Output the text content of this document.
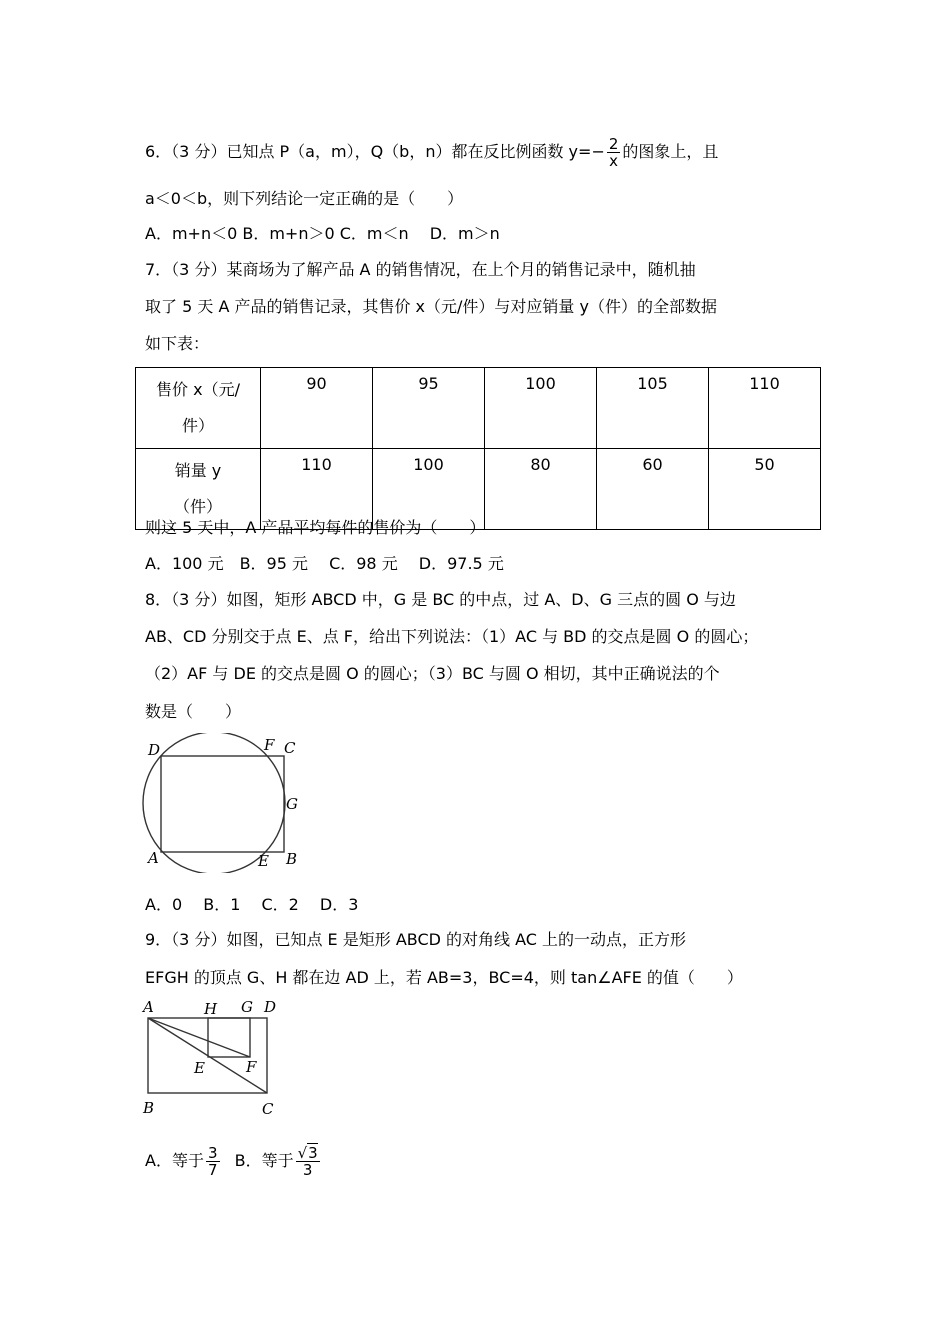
6．（3 分）已知点 P（a，m），Q（b，n）都在反比例函数 $y=- \frac{2}{x}$ 的图象上，且
a＜0＜b，则下列结论一定正确的是（　　）
A．m+n＜0 B．m+n＞0 C．m＜n　 D．m＞n
7．（3 分）某商场为了解产品 A 的销售情况，在上个月的销售记录中，随机抽
取了 5 天 A 产品的销售记录，其售价 x（元/件）与对应销量 y（件）的全部数据
如下表：
售价 x（元/
件）	90	95	100	105	110

销量 y
（件）	110	100	80	60	50
则这 5 天中，A 产品平均每件的售价为（　　）
A．100 元　B．95 元　 C．98 元　 D．97.5 元
8．（3 分）如图，矩形 ABCD 中，G 是 BC 的中点，过 A、D、G 三点的圆 O 与边
AB、CD 分别交于点 E、点 F，给出下列说法：（1）AC 与 BD 的交点是圆 O 的圆心；
（2）AF 与 DE 的交点是圆 O 的圆心；（3）BC 与圆 O 相切，其中正确说法的个
数是（　　）
D	F C
G
A	E B
A．0　 B．1　 C．2　 D．3
9．（3 分）如图，已知点 E 是矩形 ABCD 的对角线 AC 上的一动点，正方形
EFGH 的顶点 G、H 都在边 AD 上，若 AB=3，BC=4，则 tan∠AFE 的值（　　）
A	H G D
E	F
B	C
A．等于 $\frac{3}{7}$ B．等于 $\frac{√3}{3}$
